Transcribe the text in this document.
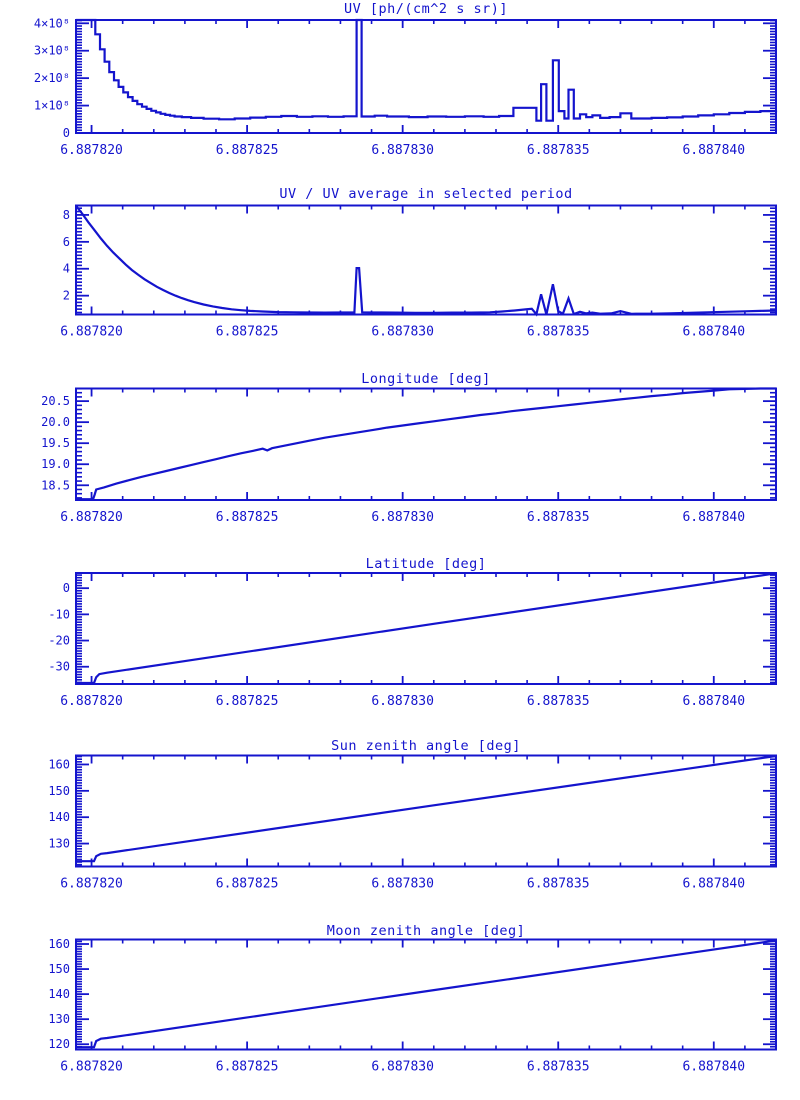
UV [ph/(cm^2 s sr)]
UV / UV average in selected period
Longitude [deg]
Latitude [deg]
Sun zenith angle [deg]
Moon zenith angle [deg]
6.887820	6.887825	6.887830	6.887835	6.887840
0
1×10⁸
2×10⁸
3×10⁸
4×10⁸
6.887820	6.887825	6.887830	6.887835	6.887840
2
4
6
8
6.887820	6.887825	6.887830	6.887835	6.887840
18.5
19.0
19.5
20.0
20.5
6.887820	6.887825	6.887830	6.887835	6.887840
-30
-20
-10
0
6.887820	6.887825	6.887830	6.887835	6.887840
130
140
150
160
6.887820	6.887825	6.887830	6.887835	6.887840
120
130
140
150
160
